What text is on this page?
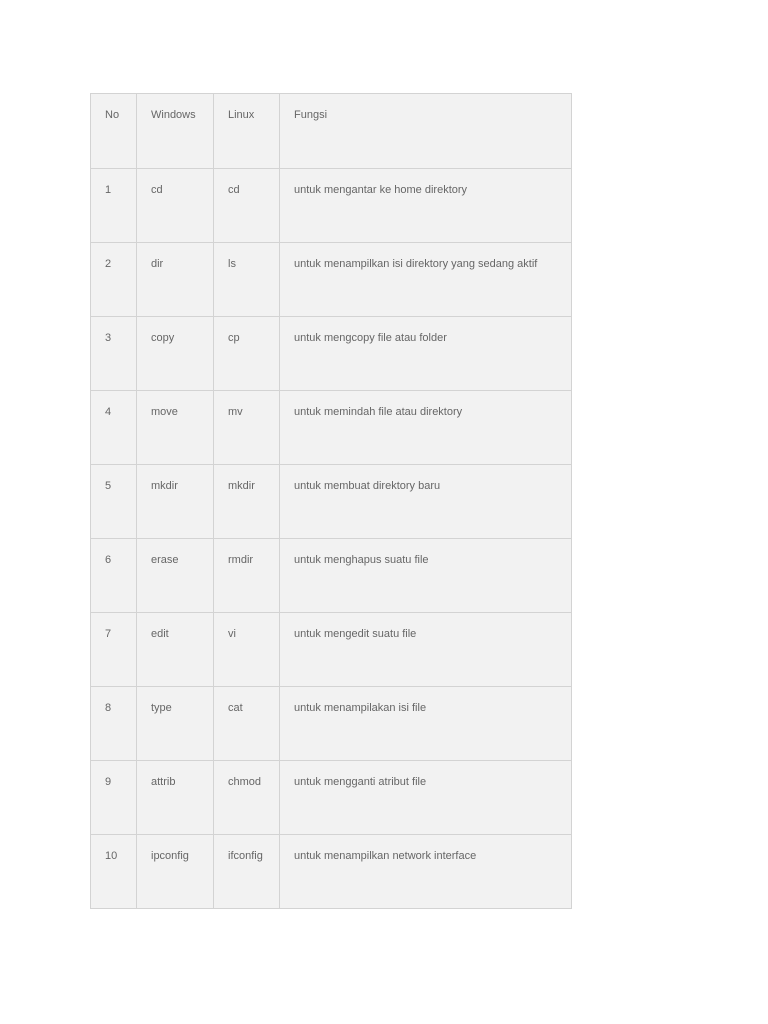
No	Windows	Linux	Fungsi
1	cd	cd	untuk mengantar ke home direktory
2	dir	ls	untuk menampilkan isi direktory yang sedang aktif
3	copy	cp	untuk mengcopy file atau folder
4	move	mv	untuk memindah file atau direktory
5	mkdir	mkdir	untuk membuat direktory baru
6	erase	rmdir	untuk menghapus suatu file
7	edit	vi	untuk mengedit suatu file
8	type	cat	untuk menampilakan isi file
9	attrib	chmod	untuk mengganti atribut file
10	ipconfig	ifconfig	untuk menampilkan network interface
